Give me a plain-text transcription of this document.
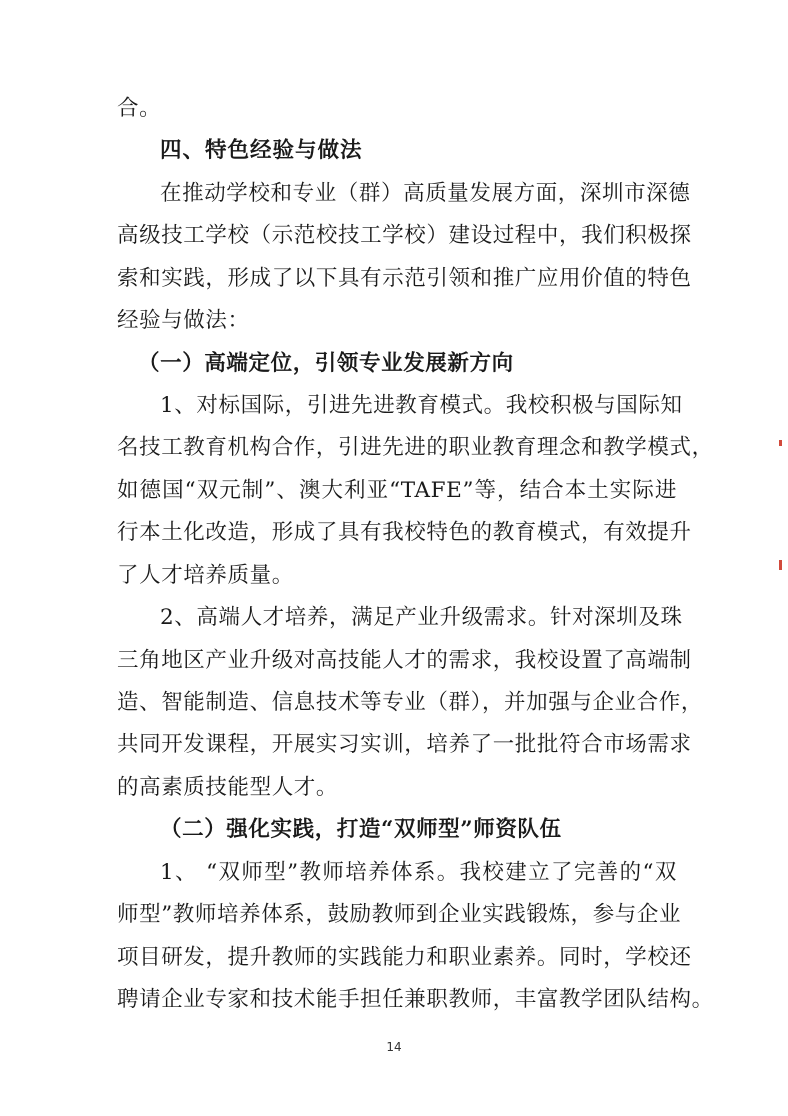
合。
四、特色经验与做法
在推动学校和专业（群）高质量发展方面，深圳市深德
高级技工学校（示范校技工学校）建设过程中，我们积极探
索和实践，形成了以下具有示范引领和推广应用价值的特色
经验与做法：
（一）高端定位，引领专业发展新方向
1、对标国际，引进先进教育模式。我校积极与国际知
名技工教育机构合作，引进先进的职业教育理念和教学模式，
如德国“双元制”、澳大利亚“TAFE”等，结合本土实际进
行本土化改造，形成了具有我校特色的教育模式，有效提升
了人才培养质量。
2、高端人才培养，满足产业升级需求。针对深圳及珠
三角地区产业升级对高技能人才的需求，我校设置了高端制
造、智能制造、信息技术等专业（群），并加强与企业合作，
共同开发课程，开展实习实训，培养了一批批符合市场需求
的高素质技能型人才。
（二）强化实践，打造“双师型”师资队伍
1、 “双师型”教师培养体系。我校建立了完善的“双
师型”教师培养体系，鼓励教师到企业实践锻炼，参与企业
14
项目研发，提升教师的实践能力和职业素养。同时，学校还
聘请企业专家和技术能手担任兼职教师，丰富教学团队结构。
